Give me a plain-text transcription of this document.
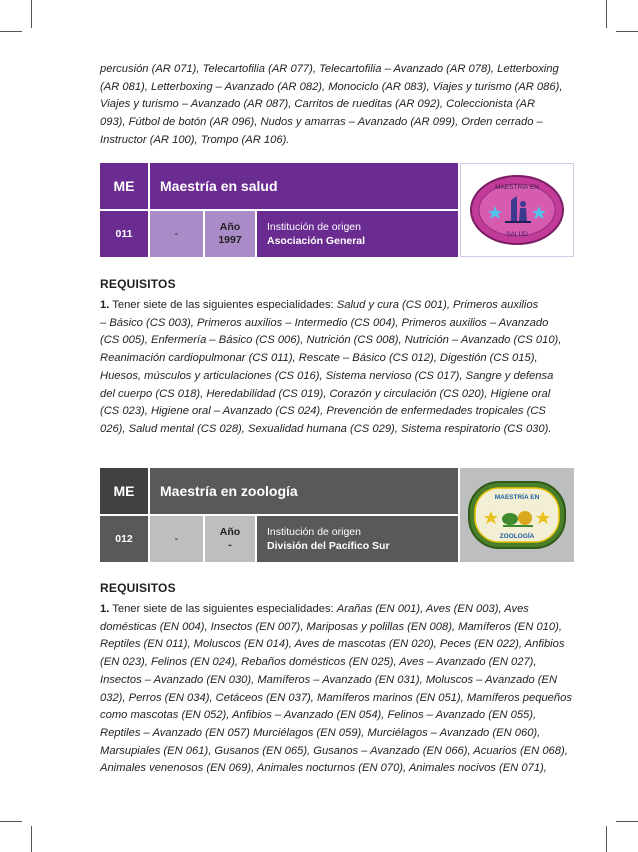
percusión (AR 071), Telecartofilia (AR 077), Telecartofilia – Avanzado (AR 078), Letterboxing
(AR 081), Letterboxing – Avanzado (AR 082), Monociclo (AR 083), Viajes y turismo (AR 086),
Viajes y turismo – Avanzado (AR 087), Carritos de rueditas (AR 092), Coleccionista (AR
093), Fútbol de botón (AR 096), Nudos y amarras – Avanzado (AR 099), Orden cerrado –
Instructor (AR 100), Trompo (AR 106).

ME Maestría en salud
011	-
Año
1997
Institución de origen
Asociación General
MAESTRIA EN
SALUD
REQUISITOS

1. Tener siete de las siguientes especialidades: Salud y cura (CS 001), Primeros auxilios
– Básico (CS 003), Primeros auxilios – Intermedio (CS 004), Primeros auxilios – Avanzado
(CS 005), Enfermería – Básico (CS 006), Nutrición (CS 008), Nutrición – Avanzado (CS 010),
Reanimación cardiopulmonar (CS 011), Rescate – Básico (CS 012), Digestión (CS 015),
Huesos, músculos y articulaciones (CS 016), Sistema nervioso (CS 017), Sangre y defensa
del cuerpo (CS 018), Heredabilidad (CS 019), Corazón y circulación (CS 020), Higiene oral
(CS 023), Higiene oral – Avanzado (CS 024), Prevención de enfermedades tropicales (CS
026), Salud mental (CS 028), Sexualidad humana (CS 029), Sistema respiratorio (CS 030).

ME Maestría en zoología
012	-
Año
-
Institución de origen
División del Pacífico Sur
MAESTRÍA EN
ZOOLOGÍA
REQUISITOS

1. Tener siete de las siguientes especialidades: Arañas (EN 001), Aves (EN 003), Aves
domésticas (EN 004), Insectos (EN 007), Mariposas y polillas (EN 008), Mamíferos (EN 010),
Reptiles (EN 011), Moluscos (EN 014), Aves de mascotas (EN 020), Peces (EN 022), Anfibios
(EN 023), Felinos (EN 024), Rebaños domésticos (EN 025), Aves – Avanzado (EN 027),
Insectos – Avanzado (EN 030), Mamíferos – Avanzado (EN 031), Moluscos – Avanzado (EN
032), Perros (EN 034), Cetáceos (EN 037), Mamíferos marinos (EN 051), Mamíferos pequeños
como mascotas (EN 052), Anfibios – Avanzado (EN 054), Felinos – Avanzado (EN 055),
Reptiles – Avanzado (EN 057) Murciélagos (EN 059), Murciélagos – Avanzado (EN 060),
Marsupiales (EN 061), Gusanos (EN 065), Gusanos – Avanzado (EN 066), Acuarios (EN 068),
Animales venenosos (EN 069), Animales nocturnos (EN 070), Animales nocivos (EN 071),
